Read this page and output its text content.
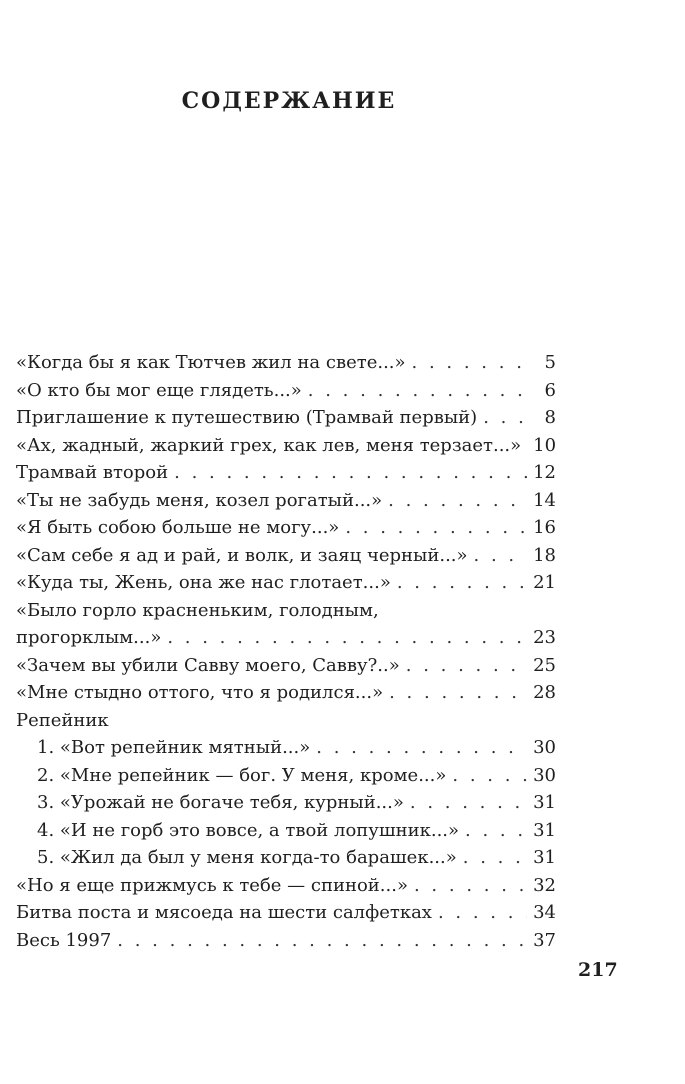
СОДЕРЖАНИЕ
«Когда бы я как Тютчев жил на свете...» . . .	5
«О кто бы мог еще глядеть...» . . .	6
Приглашение к путешествию (Трамвай первый) . . .	8
«Ах, жадный, жаркий грех, как лев, меня терзает...» 10
Трамвай второй . . .	12
«Ты не забудь меня, козел рогатый...» . . .	14
«Я быть собою больше не могу...» . . .	16
«Сам себе я ад и рай, и волк, и заяц черный...» . . .	18
«Куда ты, Жень, она же нас глотает...» . . .	21
«Было горло красненьким, голодным,
прогорклым...» . . .	23
«Зачем вы убили Савву моего, Савву?..» . . .	25
«Мне стыдно оттого, что я родился...» . . .	28
Репейник
1. «Вот репейник мятный...» . . .	30
2. «Мне репейник — бог. У меня, кроме...» . . .	30
3. «Урожай не богаче тебя, курный...» . . .	31
4. «И не горб это вовсе, а твой лопушник...» . . .	31
5. «Жил да был у меня когда-то барашек...» . . .	31
«Но я еще прижмусь к тебе — спиной...» . . .	32
Битва поста и мясоеда на шести салфетках . . .	34
Весь 1997 . . .	37
217
